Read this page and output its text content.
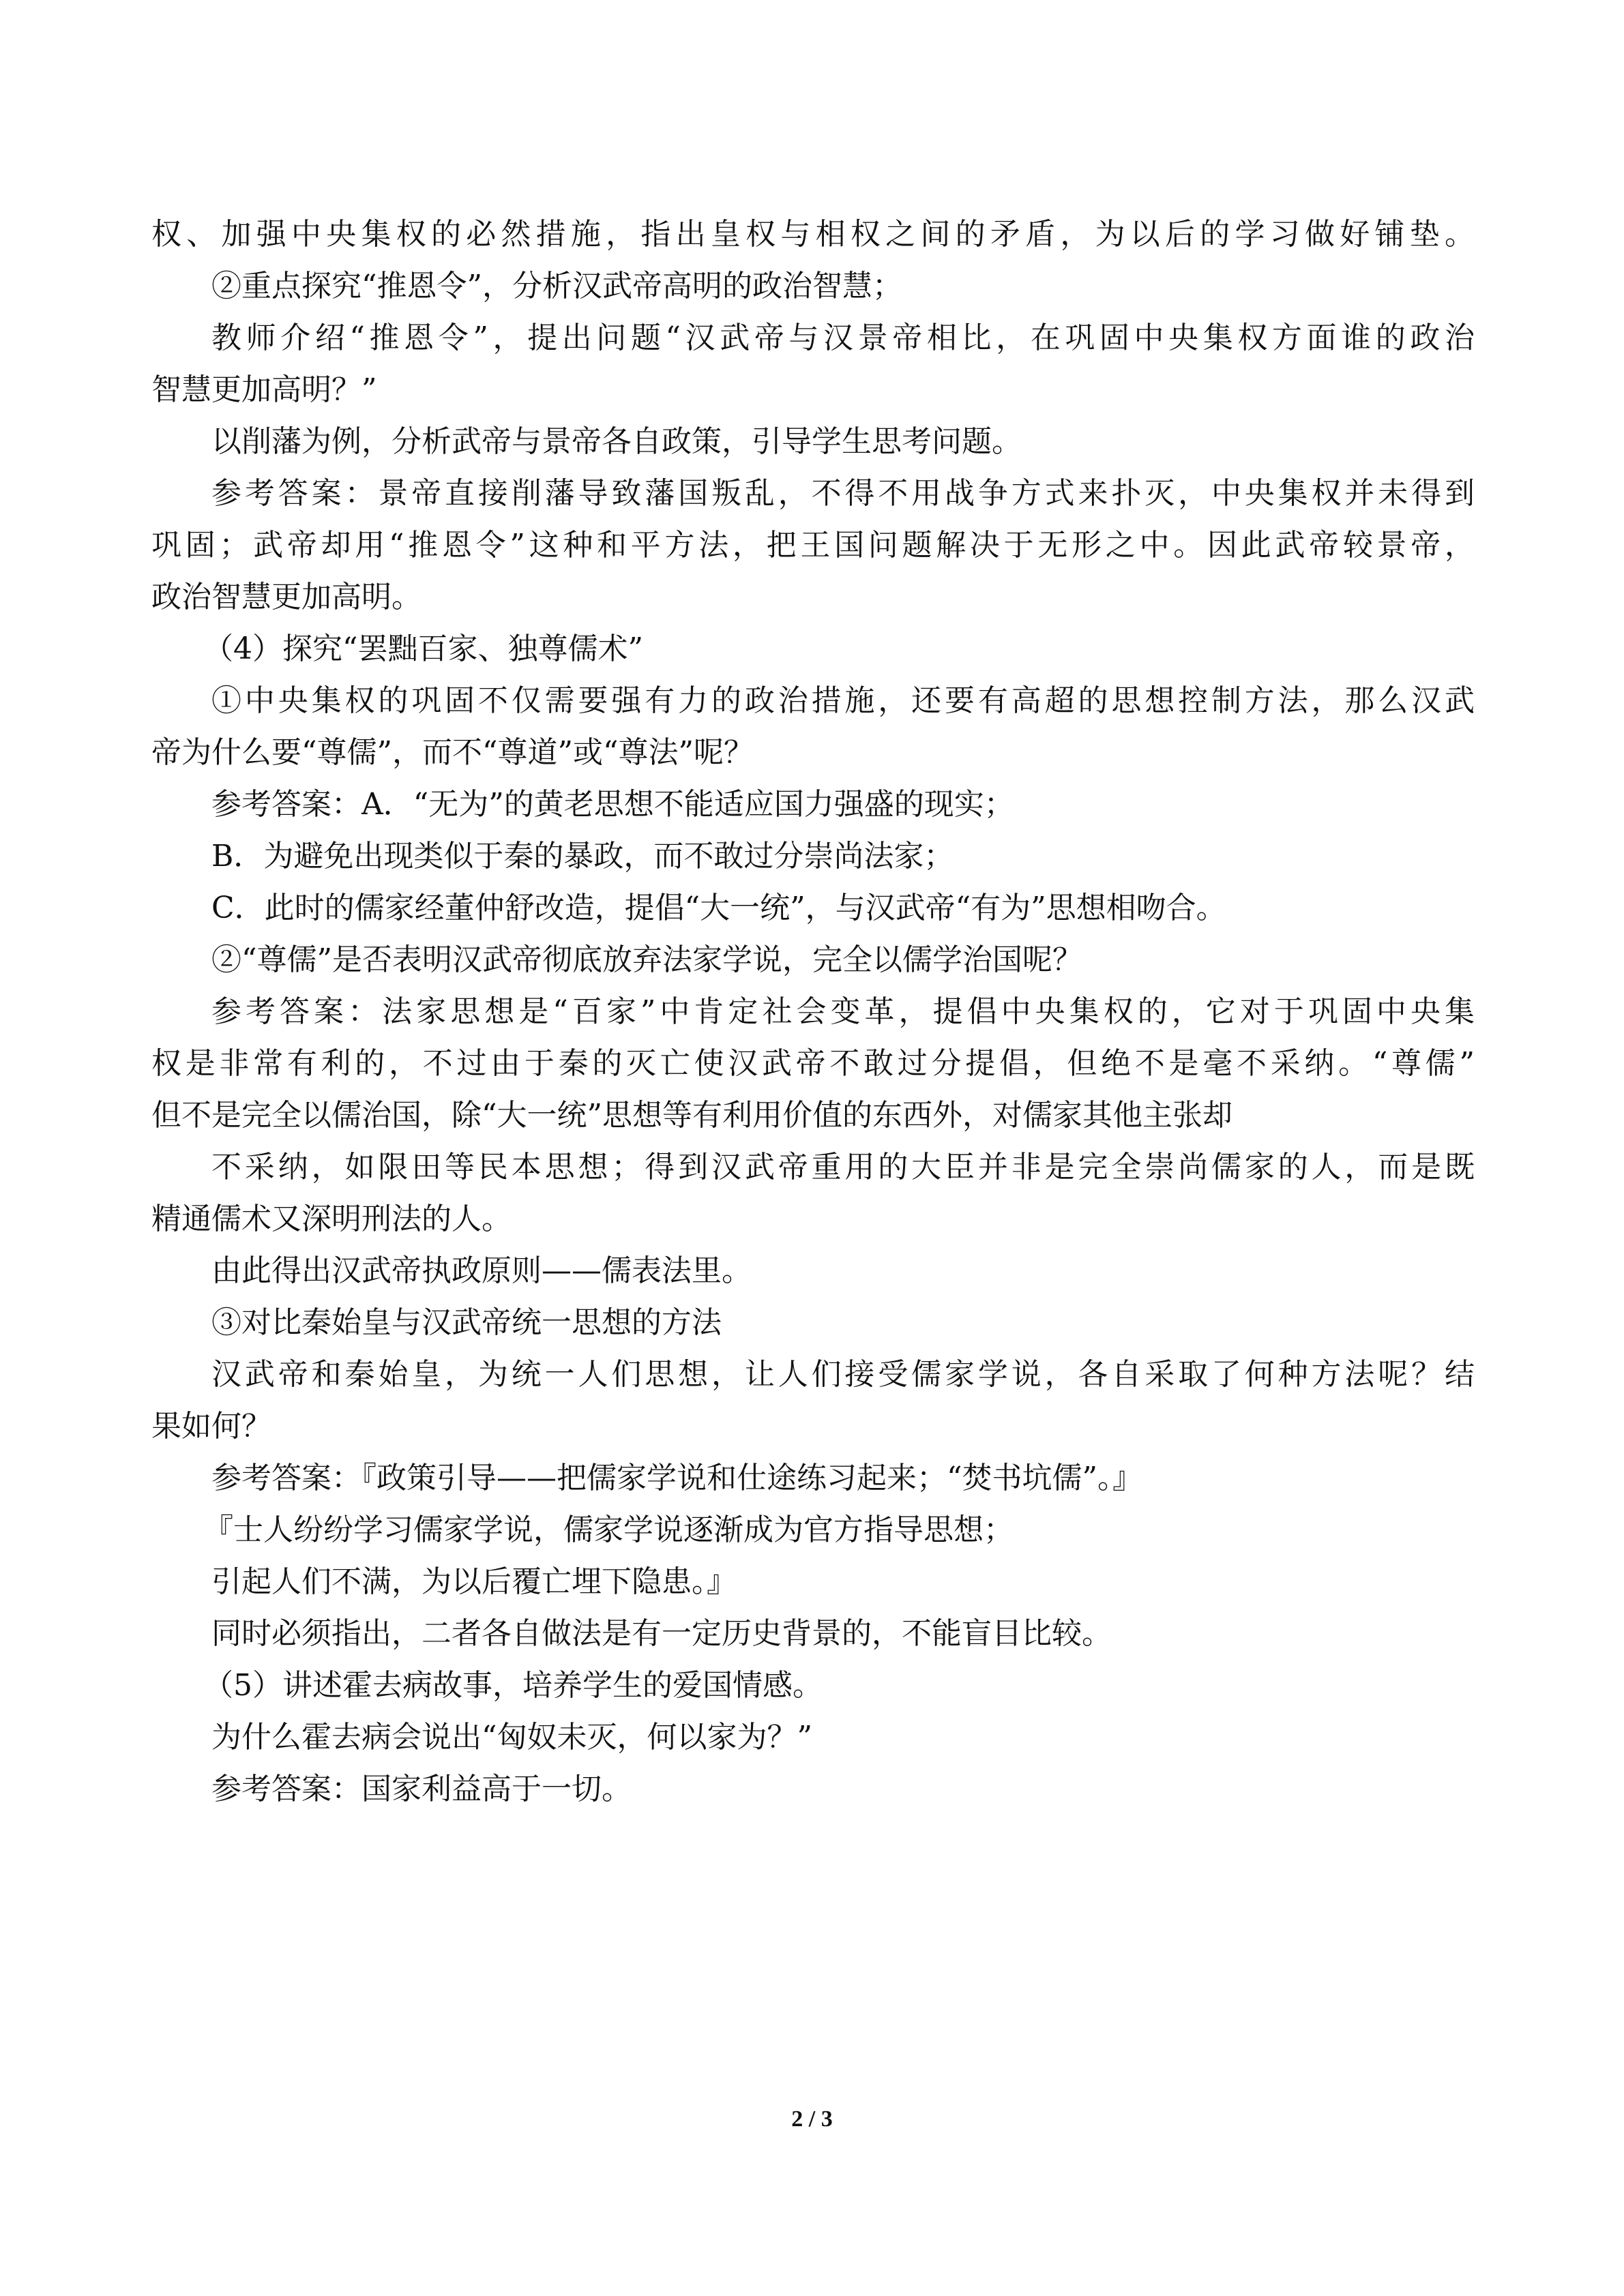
权、加强中央集权的必然措施，指出皇权与相权之间的矛盾，为以后的学习做好铺垫。
②重点探究“推恩令”，分析汉武帝高明的政治智慧；
教师介绍“推恩令”，提出问题“汉武帝与汉景帝相比，在巩固中央集权方面谁的政治
智慧更加高明？”
以削藩为例，分析武帝与景帝各自政策，引导学生思考问题。
参考答案：景帝直接削藩导致藩国叛乱，不得不用战争方式来扑灭，中央集权并未得到
巩固；武帝却用“推恩令”这种和平方法，把王国问题解决于无形之中。因此武帝较景帝，
政治智慧更加高明。
（4）探究“罢黜百家、独尊儒术”
①中央集权的巩固不仅需要强有力的政治措施，还要有高超的思想控制方法，那么汉武
帝为什么要“尊儒”，而不“尊道”或“尊法”呢？
参考答案：A．“无为”的黄老思想不能适应国力强盛的现实；
B．为避免出现类似于秦的暴政，而不敢过分崇尚法家；
C．此时的儒家经董仲舒改造，提倡“大一统”，与汉武帝“有为”思想相吻合。
②“尊儒”是否表明汉武帝彻底放弃法家学说，完全以儒学治国呢？
参考答案：法家思想是“百家”中肯定社会变革，提倡中央集权的，它对于巩固中央集
权是非常有利的，不过由于秦的灭亡使汉武帝不敢过分提倡，但绝不是毫不采纳。“尊儒”
但不是完全以儒治国，除“大一统”思想等有利用价值的东西外，对儒家其他主张却
不采纳，如限田等民本思想；得到汉武帝重用的大臣并非是完全崇尚儒家的人，而是既
精通儒术又深明刑法的人。
由此得出汉武帝执政原则——儒表法里。
③对比秦始皇与汉武帝统一思想的方法
汉武帝和秦始皇，为统一人们思想，让人们接受儒家学说，各自采取了何种方法呢？结
果如何？
参考答案：『政策引导——把儒家学说和仕途练习起来；“焚书坑儒”。』
『士人纷纷学习儒家学说，儒家学说逐渐成为官方指导思想；
引起人们不满，为以后覆亡埋下隐患。』
同时必须指出，二者各自做法是有一定历史背景的，不能盲目比较。
（5）讲述霍去病故事，培养学生的爱国情感。
为什么霍去病会说出“匈奴未灭，何以家为？”
参考答案：国家利益高于一切。
2 / 3
